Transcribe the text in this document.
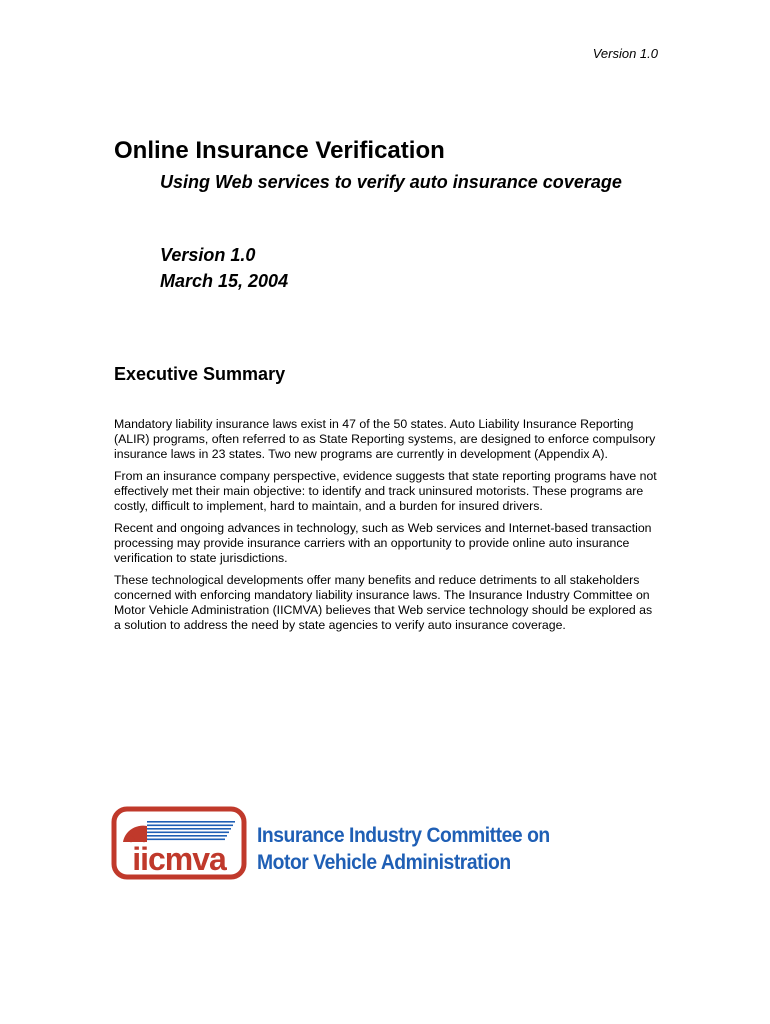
Version 1.0
Online Insurance Verification

Using Web services to verify auto insurance coverage

Version 1.0
March 15, 2004
Executive Summary

Mandatory liability insurance laws exist in 47 of the 50 states. Auto Liability Insurance Reporting (ALIR) programs, often referred to as State Reporting systems, are designed to enforce compulsory insurance laws in 23 states. Two new programs are currently in development (Appendix A).

From an insurance company perspective, evidence suggests that state reporting programs have not effectively met their main objective: to identify and track uninsured motorists. These programs are costly, difficult to implement, hard to maintain, and a burden for insured drivers.

Recent and ongoing advances in technology, such as Web services and Internet-based transaction processing may provide insurance carriers with an opportunity to provide online auto insurance verification to state jurisdictions.

These technological developments offer many benefits and reduce detriments to all stakeholders concerned with enforcing mandatory liability insurance laws. The Insurance Industry Committee on Motor Vehicle Administration (IICMVA) believes that Web service technology should be explored as a solution to address the need by state agencies to verify auto insurance coverage.

iicmva
Insurance Industry Committee on
Motor Vehicle Administration
